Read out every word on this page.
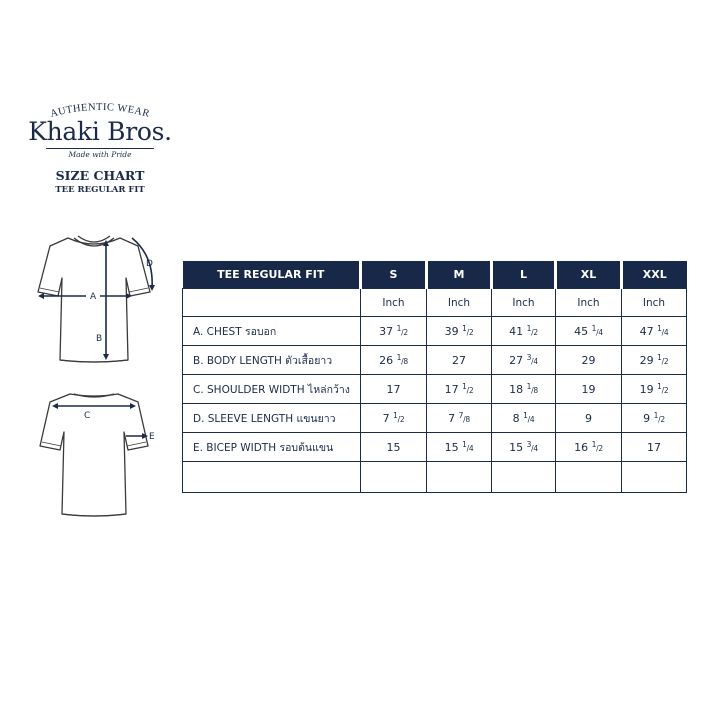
AUTHENTIC WEAR
Khaki Bros.
Made with Pride
SIZE CHART
TEE REGULAR FIT
A
B
D
C
E
TEE REGULAR FIT	S	M	L	XL	XXL
	Inch	Inch	Inch	Inch	Inch
A. CHEST รอบอก	37 $^1$/2	39 $^1$/2	41 $^1$/2	45 $^1$/4	47 $^1$/4
B. BODY LENGTH ตัวเสื้อยาว	26 $^1$/8	27	27 $^3$/4	29	29 $^1$/2
C. SHOULDER WIDTH ไหล่กว้าง	17	17 $^1$/2	18 $^1$/8	19	19 $^1$/2
D. SLEEVE LENGTH แขนยาว	7 $^1$/2	7 $^7$/8	8 $^1$/4	9	9 $^1$/2
E. BICEP WIDTH รอบต้นแขน	15	15 $^1$/4	15 $^3$/4	16 $^1$/2	17
